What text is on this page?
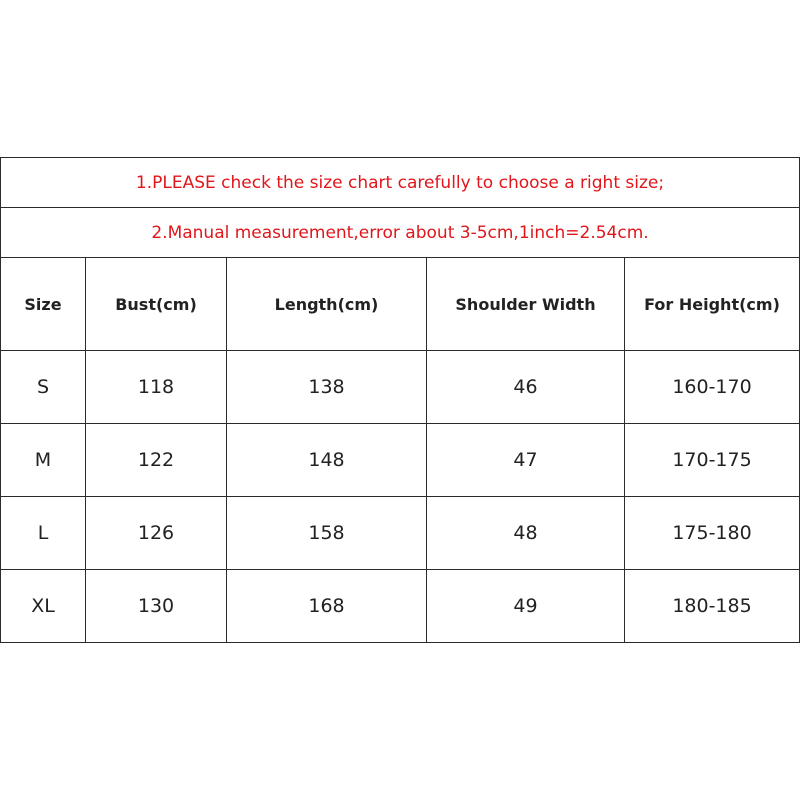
1.PLEASE check the size chart carefully to choose a right size;				
2.Manual measurement,error about 3-5cm,1inch=2.54cm.				
Size	Bust(cm)	Length(cm)	Shoulder Width	For Height(cm)
S	118	138	46	160-170
M	122	148	47	170-175
L	126	158	48	175-180
XL	130	168	49	180-185
